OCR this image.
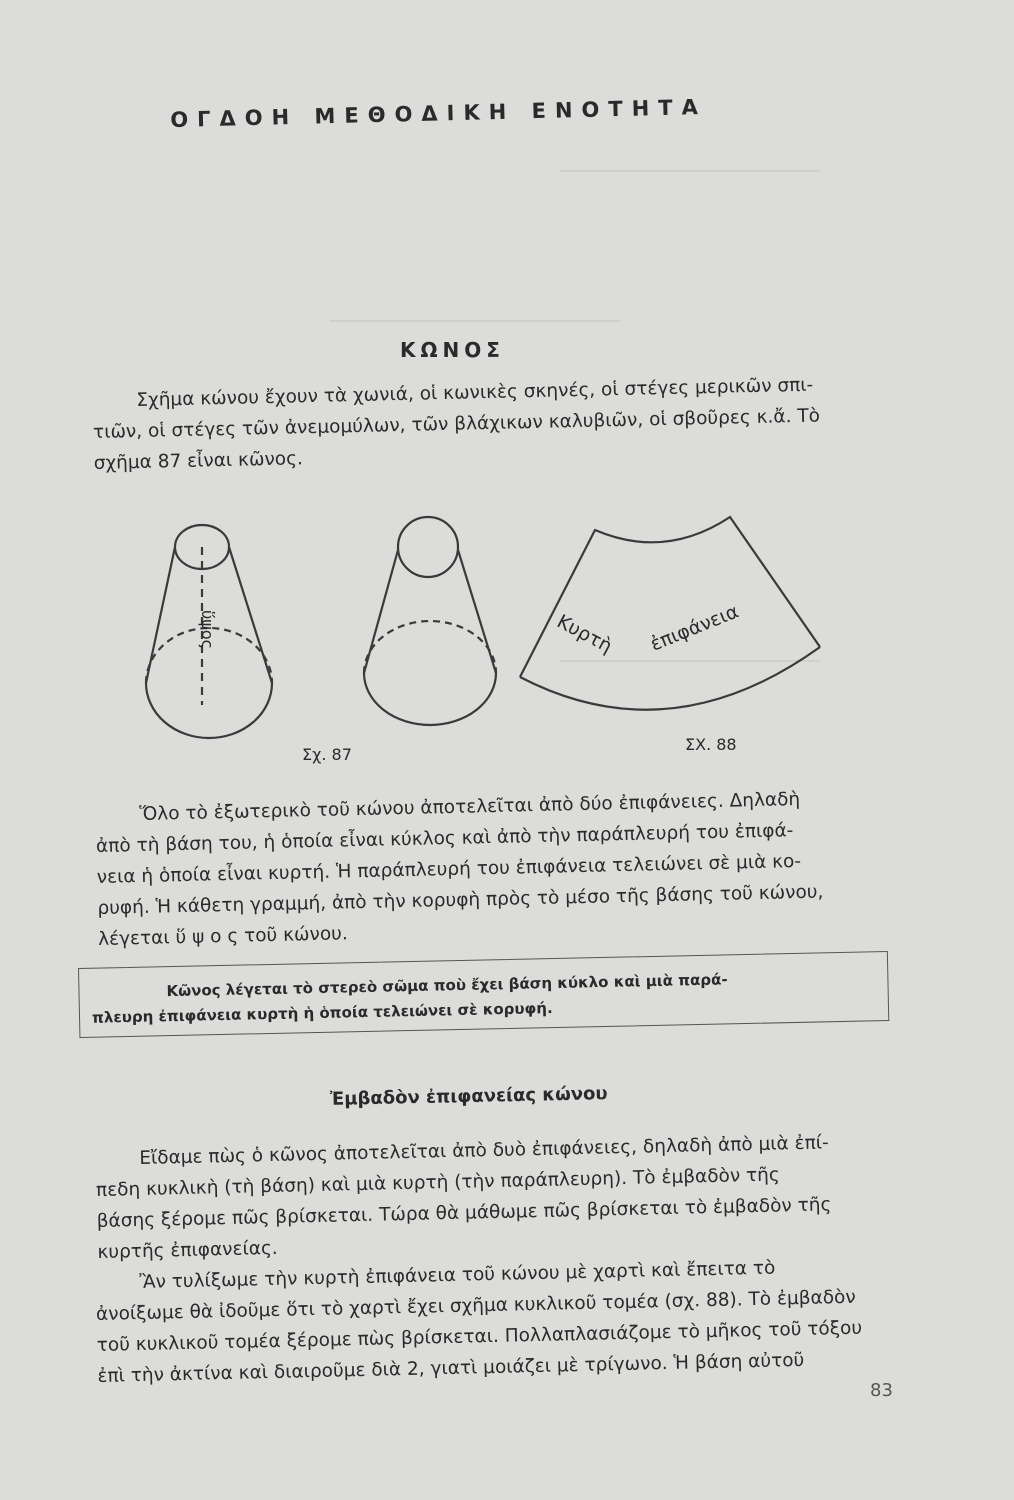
ΟΓΔΟΗ ΜΕΘΟΔΙΚΗ ΕΝΟΤΗΤΑ
ΚΩΝΟΣ

Σχῆμα κώνου ἔχουν τὰ χωνιά, οἱ κωνικὲς σκηνές, οἱ στέγες μερικῶν σπι-

τιῶν, οἱ στέγες τῶν ἀνεμομύλων, τῶν βλάχικων καλυβιῶν, οἱ σβοῦρες κ.ἄ. Τὸ

σχῆμα 87 εἶναι κῶνος.

ὕψος	Κυρτὴ ἐπιφάνεια
Σχ. 87
ΣΧ. 88

Ὅλο τὸ ἐξωτερικὸ τοῦ κώνου ἀποτελεῖται ἀπὸ δύο ἐπιφάνειες. Δηλαδὴ

ἀπὸ τὴ βάση του, ἡ ὁποία εἶναι κύκλος καὶ ἀπὸ τὴν παράπλευρή του ἐπιφά-

νεια ἡ ὁποία εἶναι κυρτή. Ἡ παράπλευρή του ἐπιφάνεια τελειώνει σὲ μιὰ κο-

ρυφή. Ἡ κάθετη γραμμή, ἀπὸ τὴν κορυφὴ πρὸς τὸ μέσο τῆς βάσης τοῦ κώνου,

λέγεται ὕ ψ ο ς τοῦ κώνου.

Κῶνος λέγεται τὸ στερεὸ σῶμα ποὺ ἔχει βάση κύκλο καὶ μιὰ παρά-
πλευρη ἐπιφάνεια κυρτὴ ἡ ὁποία τελειώνει σὲ κορυφή.
Ἐμβαδὸν ἐπιφανείας κώνου

Εἴδαμε πὼς ὁ κῶνος ἀποτελεῖται ἀπὸ δυὸ ἐπιφάνειες, δηλαδὴ ἀπὸ μιὰ ἐπί-

πεδη κυκλικὴ (τὴ βάση) καὶ μιὰ κυρτὴ (τὴν παράπλευρη). Τὸ ἐμβαδὸν τῆς

βάσης ξέρομε πῶς βρίσκεται. Τώρα θὰ μάθωμε πῶς βρίσκεται τὸ ἐμβαδὸν τῆς

κυρτῆς ἐπιφανείας.

Ἂν τυλίξωμε τὴν κυρτὴ ἐπιφάνεια τοῦ κώνου μὲ χαρτὶ καὶ ἔπειτα τὸ

ἀνοίξωμε θὰ ἰδοῦμε ὅτι τὸ χαρτὶ ἔχει σχῆμα κυκλικοῦ τομέα (σχ. 88). Τὸ ἐμβαδὸν

τοῦ κυκλικοῦ τομέα ξέρομε πὼς βρίσκεται. Πολλαπλασιάζομε τὸ μῆκος τοῦ τόξου

ἐπὶ τὴν ἀκτίνα καὶ διαιροῦμε διὰ 2, γιατὶ μοιάζει μὲ τρίγωνο. Ἡ βάση αὐτοῦ

83
